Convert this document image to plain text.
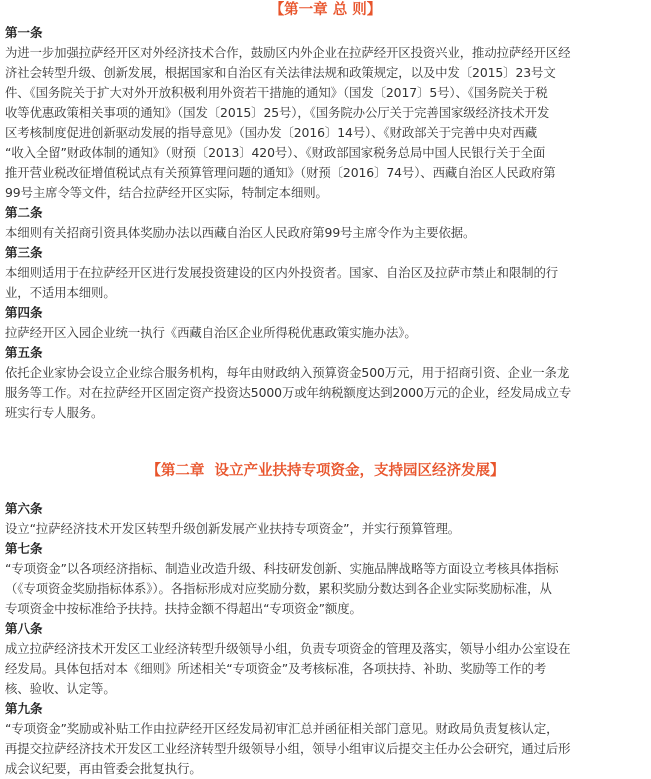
【第一章 总 则】
第一条
为进一步加强拉萨经开区对外经济技术合作，鼓励区内外企业在拉萨经开区投资兴业，推动拉萨经开区经
济社会转型升级、创新发展，根据国家和自治区有关法律法规和政策规定，以及中发〔2015〕23号文
件、《国务院关于扩大对外开放积极利用外资若干措施的通知》（国发〔2017〕5号）、《国务院关于税
收等优惠政策相关事项的通知》（国发〔2015〕25号），《国务院办公厅关于完善国家级经济技术开发
区考核制度促进创新驱动发展的指导意见》（国办发〔2016〕14号）、《财政部关于完善中央对西藏
“收入全留”财政体制的通知》（财预〔2013〕420号）、《财政部国家税务总局中国人民银行关于全面
推开营业税改征增值税试点有关预算管理问题的通知》（财预〔2016〕74号）、西藏自治区人民政府第
99号主席令等文件，结合拉萨经开区实际，特制定本细则。
第二条
本细则有关招商引资具体奖励办法以西藏自治区人民政府第99号主席令作为主要依据。
第三条
本细则适用于在拉萨经开区进行发展投资建设的区内外投资者。国家、自治区及拉萨市禁止和限制的行
业，不适用本细则。
第四条
拉萨经开区入园企业统一执行《西藏自治区企业所得税优惠政策实施办法》。
第五条
依托企业家协会设立企业综合服务机构，每年由财政纳入预算资金500万元，用于招商引资、企业一条龙
服务等工作。对在拉萨经开区固定资产投资达5000万或年纳税额度达到2000万元的企业，经发局成立专
班实行专人服务。
【第二章  设立产业扶持专项资金，支持园区经济发展】
第六条
设立“拉萨经济技术开发区转型升级创新发展产业扶持专项资金”，并实行预算管理。
第七条
“专项资金”以各项经济指标、制造业改造升级、科技研发创新、实施品牌战略等方面设立考核具体指标
（《专项资金奖励指标体系》）。各指标形成对应奖励分数，累积奖励分数达到各企业实际奖励标准，从
专项资金中按标准给予扶持。扶持金额不得超出“专项资金”额度。
第八条
成立拉萨经济技术开发区工业经济转型升级领导小组，负责专项资金的管理及落实，领导小组办公室设在
经发局。具体包括对本《细则》所述相关“专项资金”及考核标准，各项扶持、补助、奖励等工作的考
核、验收、认定等。
第九条
“专项资金”奖励或补贴工作由拉萨经开区经发局初审汇总并函征相关部门意见。财政局负责复核认定，
再提交拉萨经济技术开发区工业经济转型升级领导小组，领导小组审议后提交主任办公会研究，通过后形
成会议纪要，再由管委会批复执行。
